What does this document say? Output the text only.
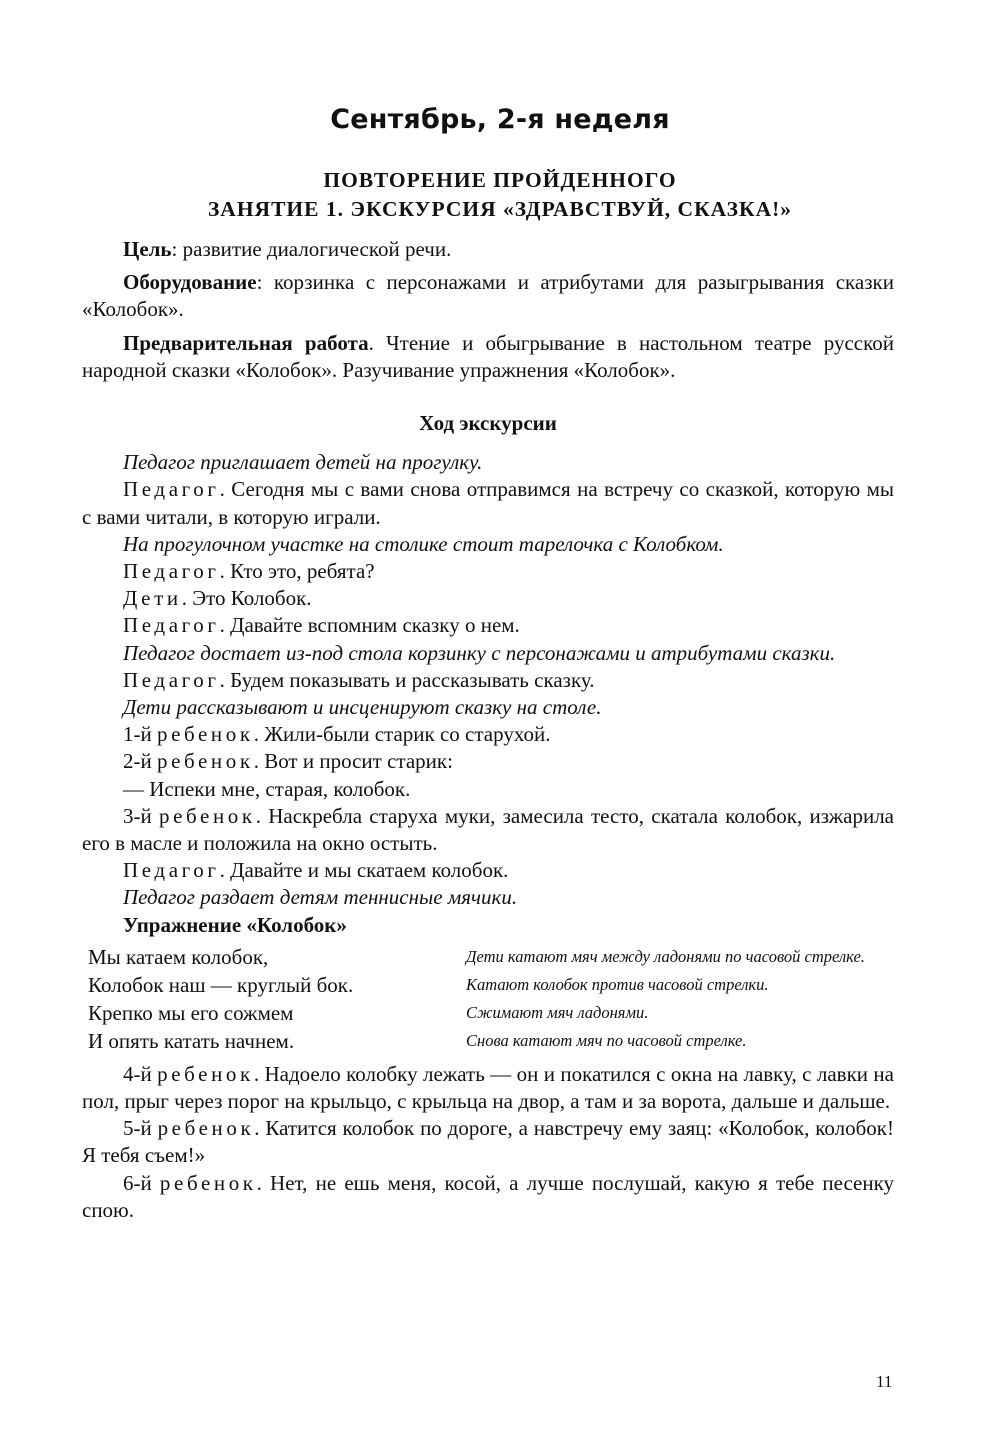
Сентябрь, 2-я неделя
ПОВТОРЕНИЕ ПРОЙДЕННОГО
ЗАНЯТИЕ 1. ЭКСКУРСИЯ «ЗДРАВСТВУЙ, СКАЗКА!»

Цель: развитие диалогической речи.

Оборудование: корзинка с персонажами и атрибутами для разыгрывания сказки «Колобок».

Предварительная работа. Чтение и обыгрывание в настольном театре русской народной сказки «Колобок». Разучивание упражнения «Колобок».

Ход экскурсии

Педагог приглашает детей на прогулку.

Педагог. Сегодня мы с вами снова отправимся на встречу со сказкой, которую мы с вами читали, в которую играли.

На прогулочном участке на столике стоит тарелочка с Колобком.

Педагог. Кто это, ребята?

Дети. Это Колобок.

Педагог. Давайте вспомним сказку о нем.

Педагог достает из-под стола корзинку с персонажами и атрибутами сказки.

Педагог. Будем показывать и рассказывать сказку.

Дети рассказывают и инсценируют сказку на столе.

1-й ребенок. Жили-были старик со старухой.

2-й ребенок. Вот и просит старик:

— Испеки мне, старая, колобок.

3-й ребенок. Наскребла старуха муки, замесила тесто, скатала колобок, изжарила его в масле и положила на окно остыть.

Педагог. Давайте и мы скатаем колобок.

Педагог раздает детям теннисные мячики.

Упражнение «Колобок»
Мы катаем колобок,	Дети катают мяч между ладонями по часовой стрелке.
Колобок наш — круглый бок.	Катают колобок против часовой стрелки.
Крепко мы его сожмем	Сжимают мяч ладонями.
И опять катать начнем.	Снова катают мяч по часовой стрелке.

4-й ребенок. Надоело колобку лежать — он и покатился с окна на лавку, с лавки на пол, прыг через порог на крыльцо, с крыльца на двор, а там и за ворота, дальше и дальше.

5-й ребенок. Катится колобок по дороге, а навстречу ему заяц: «Колобок, колобок! Я тебя съем!»

6-й ребенок. Нет, не ешь меня, косой, а лучше послушай, какую я тебе песенку спою.

11
